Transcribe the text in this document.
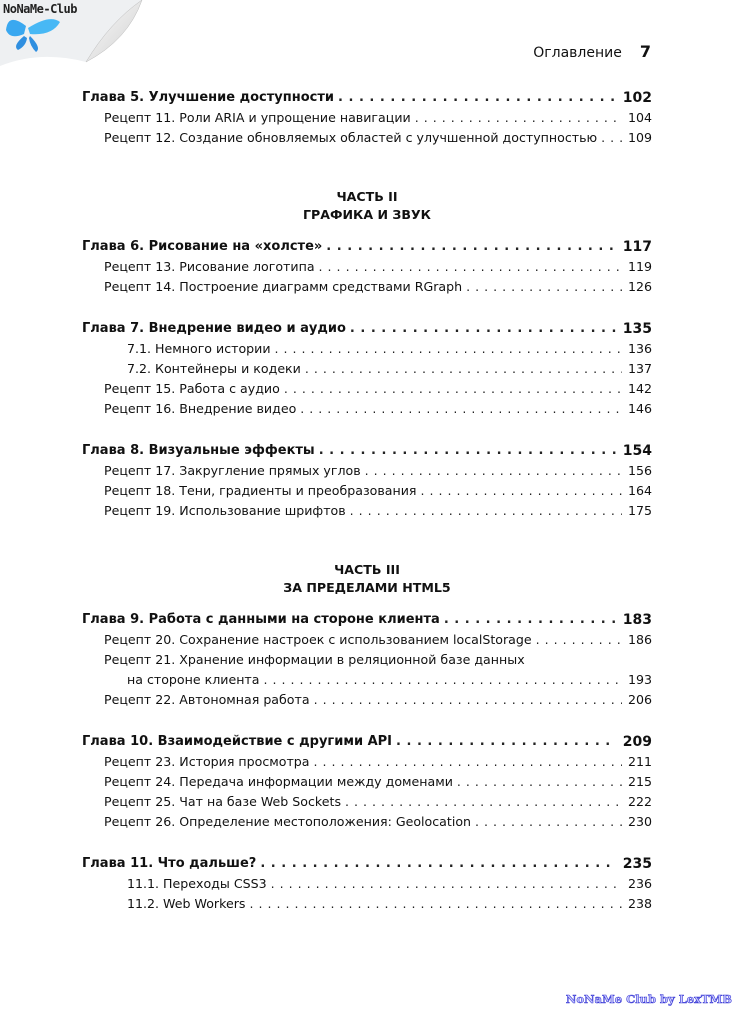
NoNaMe-Club
Оглавление 7
Глава 5. Улучшение доступности . . .	102
Рецепт 11. Роли ARIA и упрощение навигации . . .	104
Рецепт 12. Создание обновляемых областей с улучшенной доступностью . . .	109
ЧАСТЬ II
ГРАФИКА И ЗВУК
Глава 6. Рисование на «холсте» . . .	117
Рецепт 13. Рисование логотипа . . .	119
Рецепт 14. Построение диаграмм средствами RGraph . . .	126
Глава 7. Внедрение видео и аудио . . .	135
7.1. Немного истории . . .	136
7.2. Контейнеры и кодеки . . .	137
Рецепт 15. Работа с аудио . . .	142
Рецепт 16. Внедрение видео . . .	146
Глава 8. Визуальные эффекты . . .	154
Рецепт 17. Закругление прямых углов . . .	156
Рецепт 18. Тени, градиенты и преобразования . . .	164
Рецепт 19. Использование шрифтов . . .	175
ЧАСТЬ III
ЗА ПРЕДЕЛАМИ HTML5
Глава 9. Работа с данными на стороне клиента . . .	183
Рецепт 20. Сохранение настроек с использованием localStorage . . .	186
Рецепт 21. Хранение информации в реляционной базе данных
на стороне клиента . . .	193
Рецепт 22. Автономная работа . . .	206
Глава 10. Взаимодействие с другими API . . .	209
Рецепт 23. История просмотра . . .	211
Рецепт 24. Передача информации между доменами . . .	215
Рецепт 25. Чат на базе Web Sockets . . .	222
Рецепт 26. Определение местоположения: Geolocation . . .	230
Глава 11. Что дальше? . . .	235
11.1. Переходы CSS3 . . .	236
11.2. Web Workers . . .	238
NoNaMe Club by LexTMB
